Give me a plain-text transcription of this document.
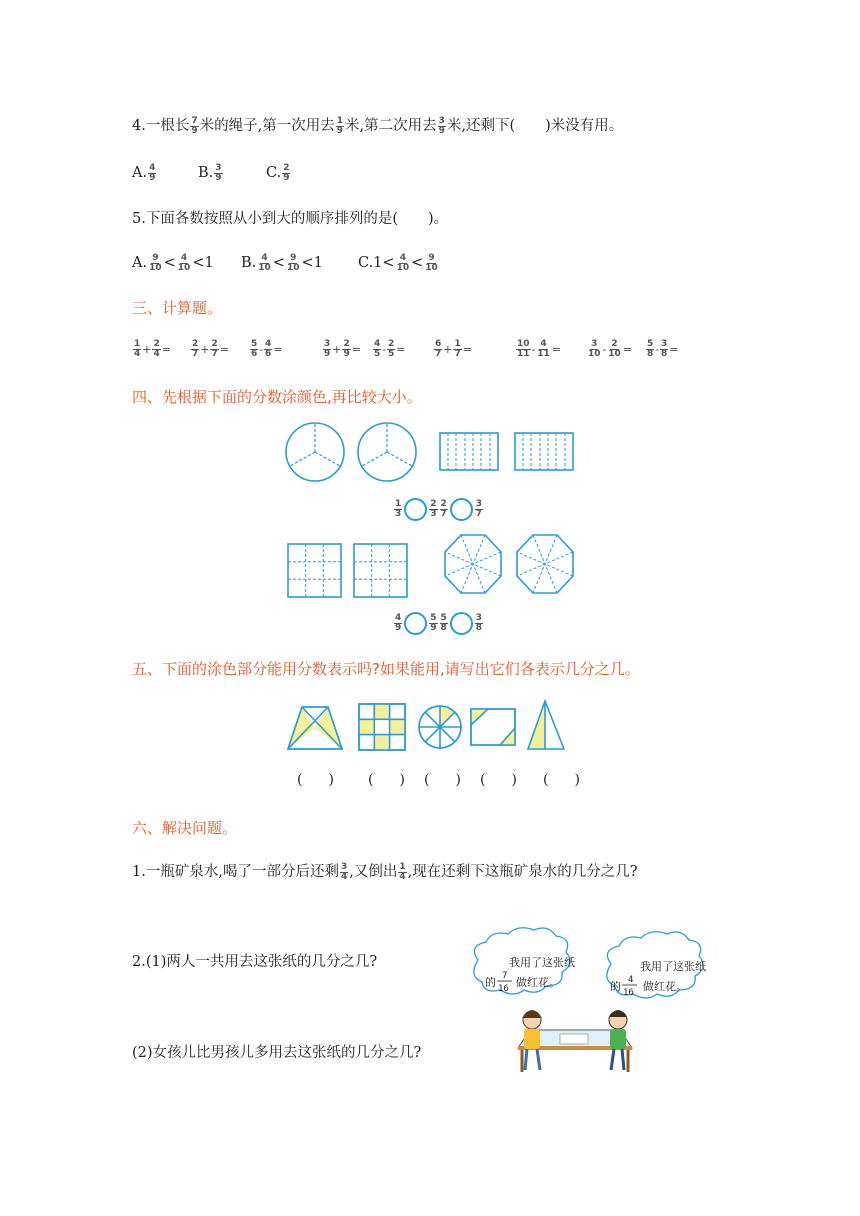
4.一根长 $\frac{7}{9}$ 米的绳子,第一次用去 $\frac{1}{9}$ 米,第二次用去 $\frac{3}{9}$ 米,还剩下( )米没有用。
A. $\frac{4}{9}$	B. $\frac{3}{9}$	C. $\frac{2}{9}$
5.下面各数按照从小到大的顺序排列的是( )。
A. $\frac{9}{10} < \frac{4}{10} <1$ B. $\frac{4}{10} < \frac{9}{10} <1$ $C.1< \frac{4}{10} < \frac{9}{10}$
三、计算题。
$\frac{1}{4} + \frac{2}{4} = \frac{2}{7} + \frac{2}{7} = \frac{5}{6} - \frac{4}{6}$ =	$\frac{3}{9} + \frac{2}{9} = \frac{4}{5} - \frac{2}{5}$ =	$\frac{6}{7} + \frac{1}{7}$ =	$\frac{10}{11} - \frac{4}{11}$ =	$\frac{3}{10} - \frac{2}{10} = \frac{5}{8} - \frac{3}{8}$ =
四、先根据下面的分数涂颜色,再比较大小。
我用了这张纸
的 7
16 做红花。
我用了这张纸
的 4
16 做红花。
$\frac{1}{3}$	$\frac{2}{3} \frac{2}{7}$	$\frac{3}{7}$
$\frac{4}{9}$	$\frac{5}{9} \frac{5}{8}$	$\frac{3}{8}$
五、下面的涂色部分能用分数表示吗?如果能用,请写出它们各表示几分之几。
( ) ( ) ( ) ( ) ( )
六、解决问题。
1.一瓶矿泉水,喝了一部分后还剩 $\frac{3}{4}$ ,又倒出 $\frac{1}{4}$ ,现在还剩下这瓶矿泉水的几分之几?
2.(1)两人一共用去这张纸的几分之几?
(2)女孩儿比男孩儿多用去这张纸的几分之几?
